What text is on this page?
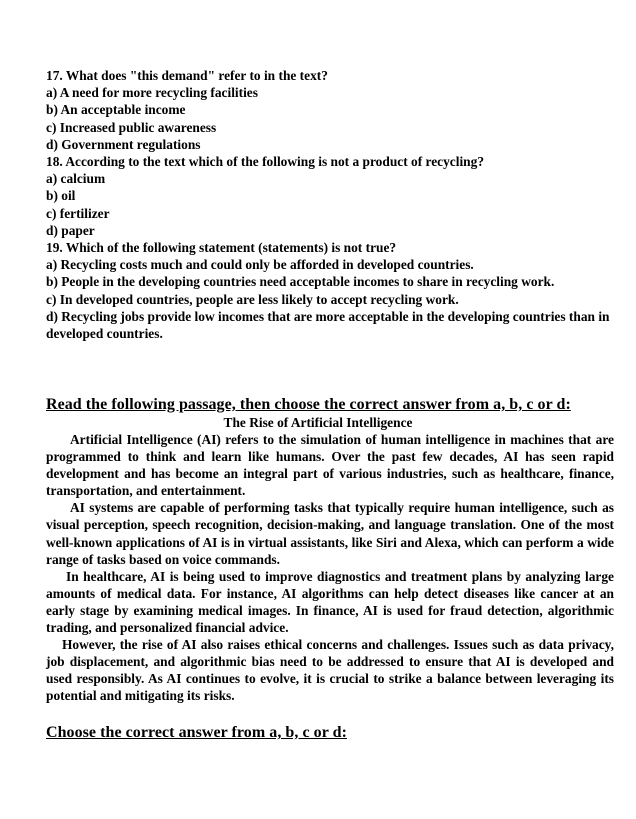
17. What does "this demand" refer to in the text?
a) A need for more recycling facilities
b) An acceptable income
c) Increased public awareness
d) Government regulations
18. According to the text which of the following is not a product of recycling?
a) calcium
b) oil
c) fertilizer
d) paper
19. Which of the following statement (statements) is not true?
a) Recycling costs much and could only be afforded in developed countries.
b) People in the developing countries need acceptable incomes to share in recycling work.
c) In developed countries, people are less likely to accept recycling work.
d) Recycling jobs provide low incomes that are more acceptable in the developing countries than in developed countries.
Read the following passage, then choose the correct answer from a, b, c or d:
The Rise of Artificial Intelligence

Artificial Intelligence (AI) refers to the simulation of human intelligence in machines that are programmed to think and learn like humans. Over the past few decades, AI has seen rapid development and has become an integral part of various industries, such as healthcare, finance, transportation, and entertainment.

AI systems are capable of performing tasks that typically require human intelligence, such as visual perception, speech recognition, decision-making, and language translation. One of the most well-known applications of AI is in virtual assistants, like Siri and Alexa, which can perform a wide range of tasks based on voice commands.

In healthcare, AI is being used to improve diagnostics and treatment plans by analyzing large amounts of medical data. For instance, AI algorithms can help detect diseases like cancer at an early stage by examining medical images. In finance, AI is used for fraud detection, algorithmic trading, and personalized financial advice.

However, the rise of AI also raises ethical concerns and challenges. Issues such as data privacy, job displacement, and algorithmic bias need to be addressed to ensure that AI is developed and used responsibly. As AI continues to evolve, it is crucial to strike a balance between leveraging its potential and mitigating its risks.

Choose the correct answer from a, b, c or d:
